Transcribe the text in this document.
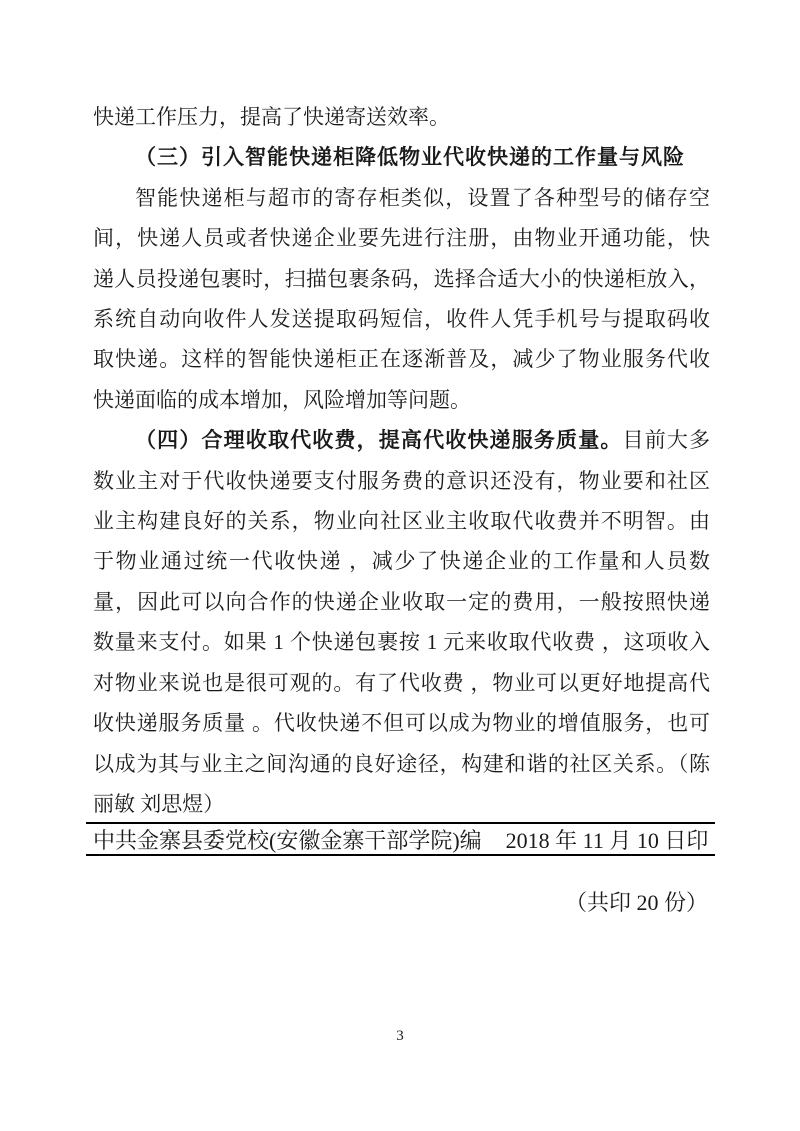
快递工作压力，提高了快递寄送效率。
（三）引入智能快递柜降低物业代收快递的工作量与风险
智能快递柜与超市的寄存柜类似，设置了各种型号的储存空
间，快递人员或者快递企业要先进行注册，由物业开通功能，快
递人员投递包裹时，扫描包裹条码，选择合适大小的快递柜放入，
系统自动向收件人发送提取码短信，收件人凭手机号与提取码收
取快递。这样的智能快递柜正在逐渐普及，减少了物业服务代收
快递面临的成本增加，风险增加等问题。
（四）合理收取代收费，提高代收快递服务质量。目前大多
数业主对于代收快递要支付服务费的意识还没有，物业要和社区
业主构建良好的关系，物业向社区业主收取代收费并不明智。由
于物业通过统一代收快递 ，减少了快递企业的工作量和人员数
量，因此可以向合作的快递企业收取一定的费用，一般按照快递
数量来支付。如果 1 个快递包裹按 1 元来收取代收费 ，这项收入
对物业来说也是很可观的。有了代收费 ，物业可以更好地提高代
收快递服务质量 。代收快递不但可以成为物业的增值服务，也可
以成为其与业主之间沟通的良好途径，构建和谐的社区关系。（陈
丽敏 刘思煜）
中共金寨县委党校(安徽金寨干部学院)编 2018 年 11 月 10 日印
（共印 20 份）
3
